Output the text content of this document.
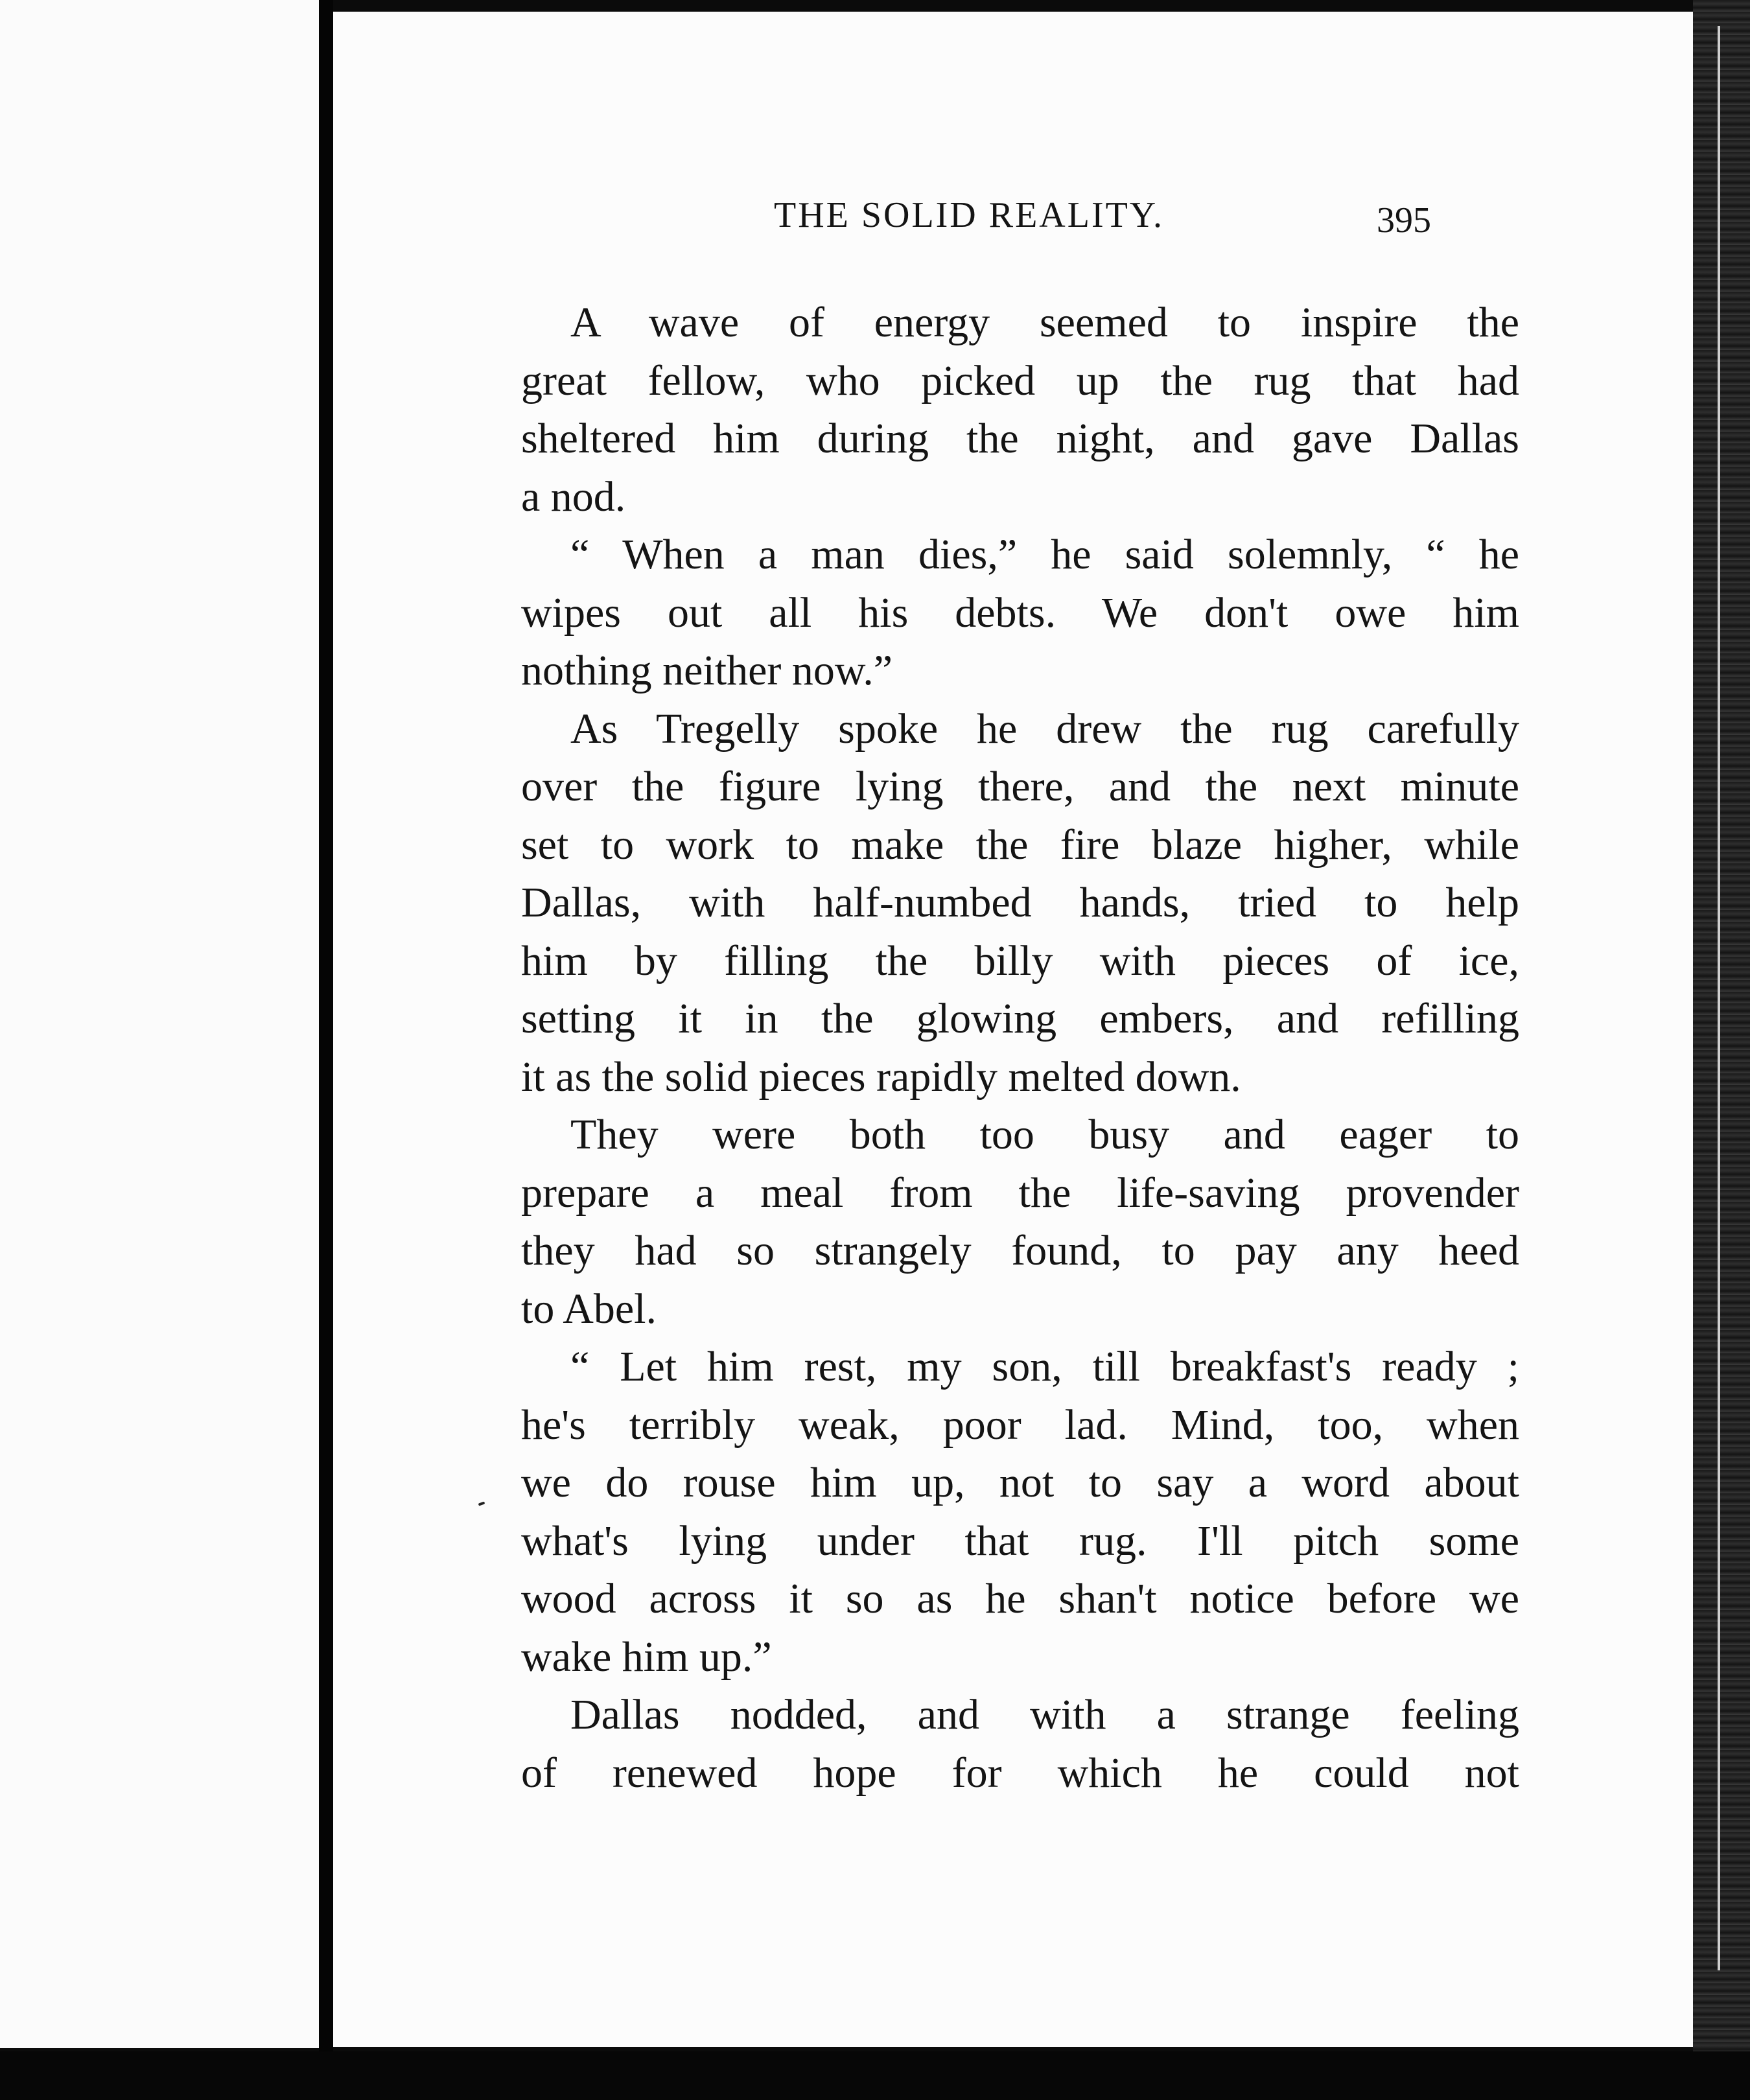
THE SOLID REALITY.	395
A wave of energy seemed to inspire the
great fellow, who picked up the rug that had
sheltered him during the night, and gave Dallas
a nod.
“ When a man dies,” he said solemnly, “ he
wipes out all his debts. We don't owe him
nothing neither now.”
As Tregelly spoke he drew the rug carefully
over the figure lying there, and the next minute
set to work to make the fire blaze higher, while
Dallas, with half-numbed hands, tried to help
him by filling the billy with pieces of ice,
setting it in the glowing embers, and refilling
it as the solid pieces rapidly melted down.
They were both too busy and eager to
prepare a meal from the life-saving provender
they had so strangely found, to pay any heed
to Abel.
“ Let him rest, my son, till breakfast's ready ;
he's terribly weak, poor lad. Mind, too, when
we do rouse him up, not to say a word about
what's lying under that rug. I'll pitch some
wood across it so as he shan't notice before we
wake him up.”
Dallas nodded, and with a strange feeling
of renewed hope for which he could not
